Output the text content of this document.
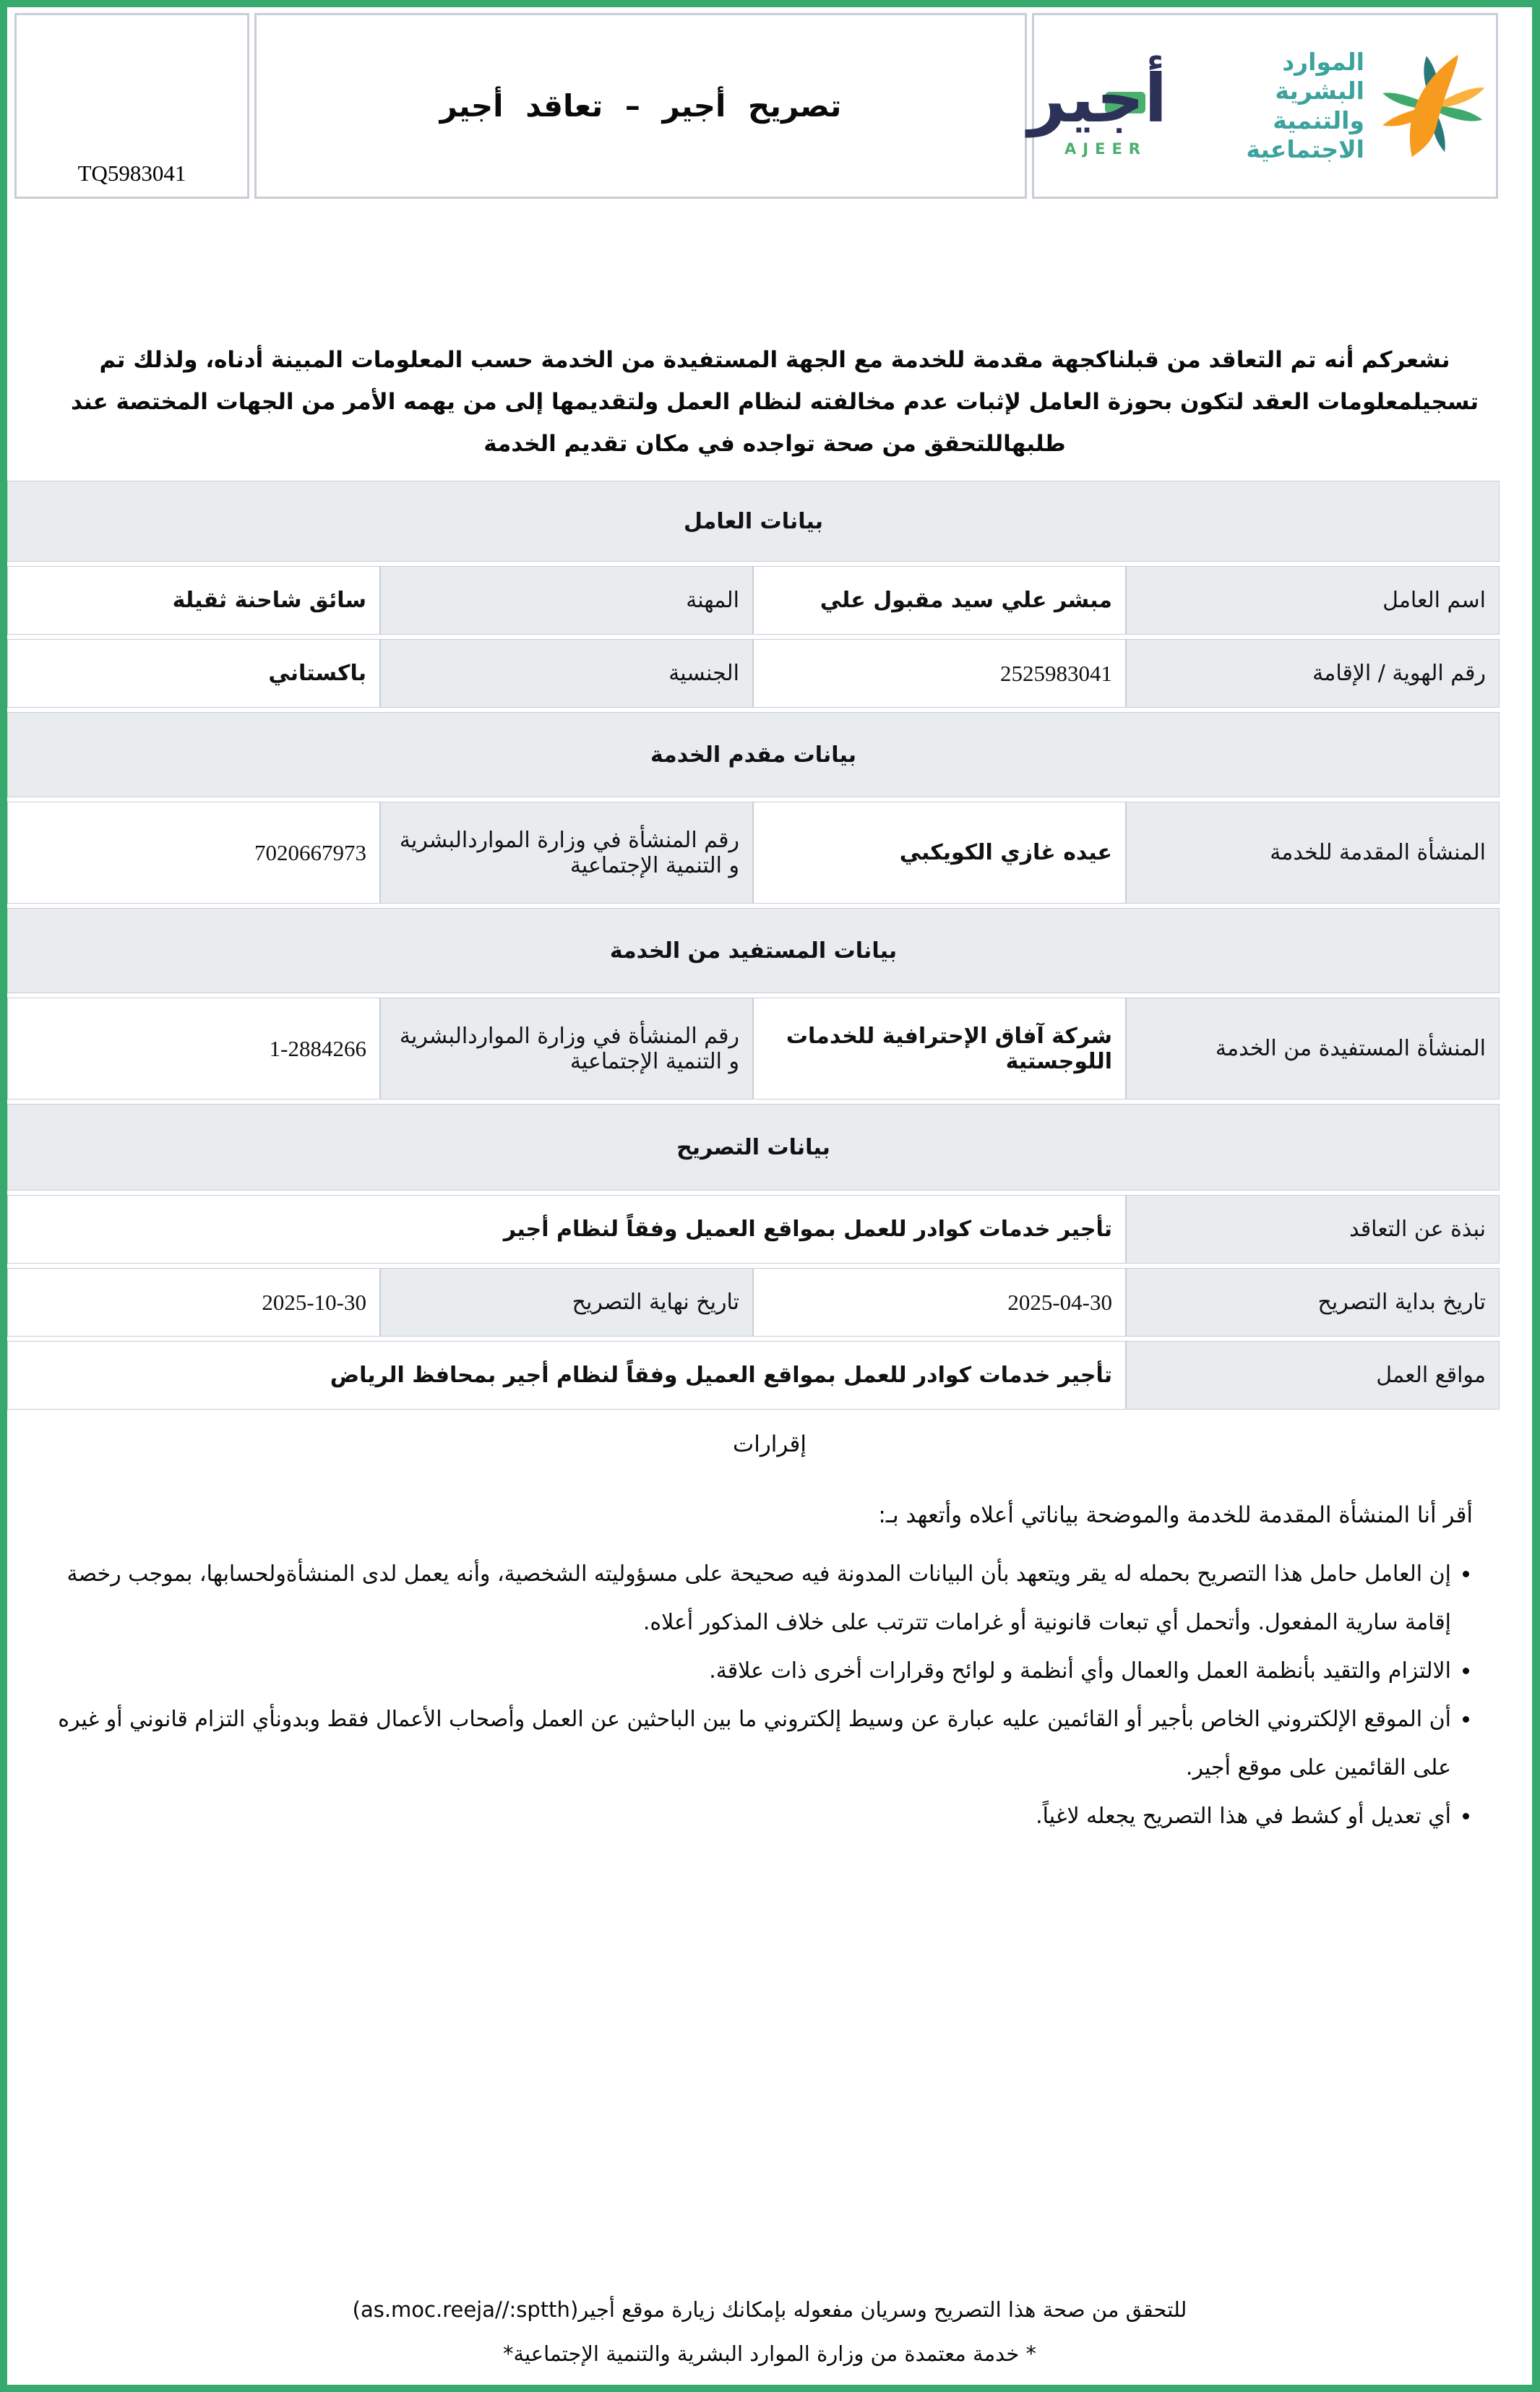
TQ5983041
تصريح أجير – تعاقد أجير	أجير
AJEER
الموارد البشرية
والتنمية الاجتماعية
نشعركم أنه تم التعاقد من قبلناكجهة مقدمة للخدمة مع الجهة المستفيدة من الخدمة حسب المعلومات المبينة أدناه، ولذلك تم تسجيلمعلومات العقد لتكون بحوزة العامل لإثبات عدم مخالفته لنظام العمل ولتقديمها إلى من يهمه الأمر من الجهات المختصة عند طلبهاللتحقق من صحة تواجده في مكان تقديم الخدمة
بيانات العامل			
اسم العامل	مبشر علي سيد مقبول علي	المهنة	سائق شاحنة ثقيلة
رقم الهوية / الإقامة	2525983041	الجنسية	باكستاني
بيانات مقدم الخدمة			
المنشأة المقدمة للخدمة	عيده غازي الكويكبي	رقم المنشأة في وزارة المواردالبشرية و التنمية الإجتماعية	7020667973
بيانات المستفيد من الخدمة			
المنشأة المستفيدة من الخدمة	شركة آفاق الإحترافية للخدمات اللوجستية	رقم المنشأة في وزارة المواردالبشرية و التنمية الإجتماعية	1-2884266
بيانات التصريح			
نبذة عن التعاقد	تأجير خدمات كوادر للعمل بمواقع العميل وفقاً لنظام أجير		
تاريخ بداية التصريح	2025-04-30	تاريخ نهاية التصريح	2025-10-30
مواقع العمل	تأجير خدمات كوادر للعمل بمواقع العميل وفقاً لنظام أجير بمحافظ الرياض		
إقرارات
أقر أنا المنشأة المقدمة للخدمة والموضحة بياناتي أعلاه وأتعهد بـ:
• إن العامل حامل هذا التصريح بحمله له يقر ويتعهد بأن البيانات المدونة فيه صحيحة على مسؤوليته الشخصية، وأنه يعمل لدى المنشأةولحسابها، بموجب رخصة إقامة سارية المفعول. وأتحمل أي تبعات قانونية أو غرامات تترتب على خلاف المذكور أعلاه.
• الالتزام والتقيد بأنظمة العمل والعمال وأي أنظمة و لوائح وقرارات أخرى ذات علاقة.
• أن الموقع الإلكتروني الخاص بأجير أو القائمين عليه عبارة عن وسيط إلكتروني ما بين الباحثين عن العمل وأصحاب الأعمال فقط وبدونأي التزام قانوني أو غيره على القائمين على موقع أجير.
• أي تعديل أو كشط في هذا التصريح يجعله لاغياً.
للتحقق من صحة هذا التصريح وسريان مفعوله بإمكانك زيارة موقع أجير(as.moc.reeja//:sptth)
* خدمة معتمدة من وزارة الموارد البشرية والتنمية الإجتماعية*
